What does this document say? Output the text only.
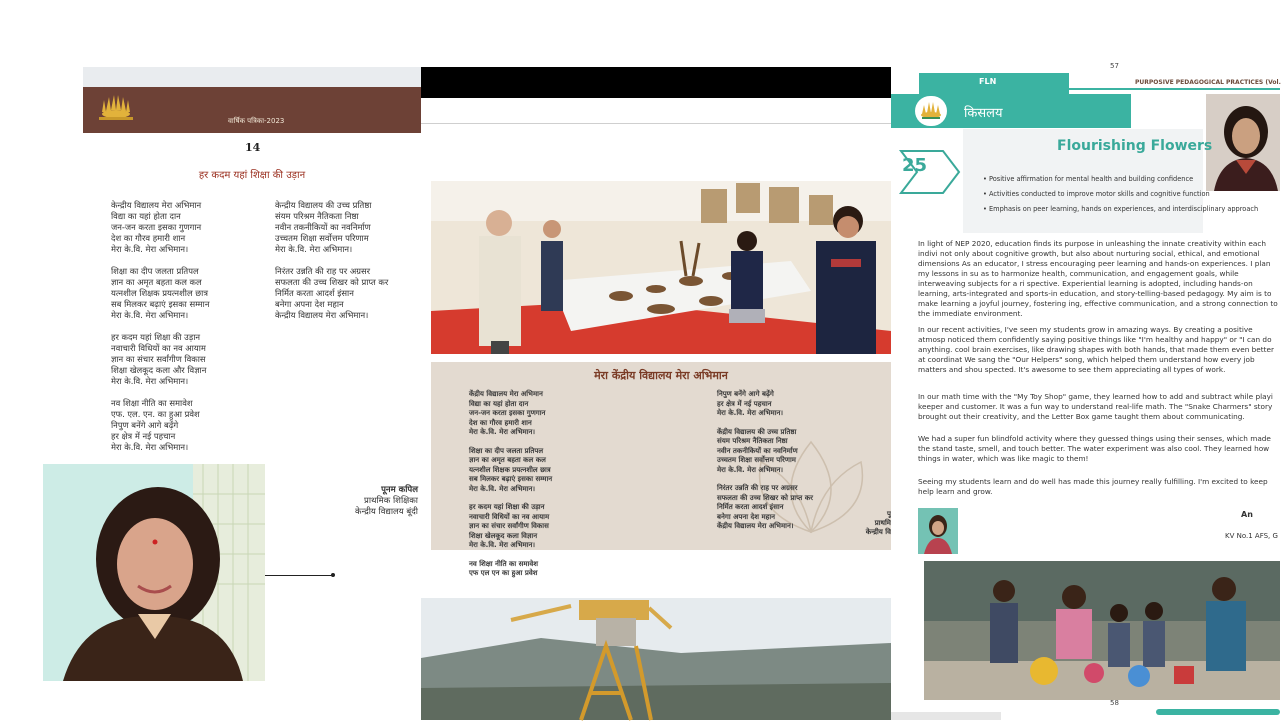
वार्षिक पत्रिका-2023
14
हर कदम यहां शिक्षा की उड़ान
केन्द्रीय विद्यालय मेरा अभिमान
विद्या का यहां होता दान
जन-जन करता इसका गुणगान
देश का गौरव हमारी शान
मेरा के.वि. मेरा अभिमान।
शिक्षा का दीप जलता प्रतिपल
ज्ञान का अमृत बहता कल कल
यत्नशील शिक्षक प्रयत्नशील छात्र
सब मिलकर बढ़ाएं इसका सम्मान
मेरा के.वि. मेरा अभिमान।
हर कदम यहां शिक्षा की उड़ान
नवाचारी विधियों का नव आयाम
ज्ञान का संचार सर्वांगीण विकास
शिक्षा खेलकूद कला और विज्ञान
मेरा के.वि. मेरा अभिमान।
नव शिक्षा नीति का समावेश
एफ. एल. एन. का हुआ प्रवेश
निपुण बनेंगे आगे बढ़ेंगे
हर क्षेत्र में नई पहचान
मेरा के.वि. मेरा अभिमान।
केन्द्रीय विद्यालय की उच्च प्रतिष्ठा
संयम परिश्रम नैतिकता निष्ठा
नवीन तकनीकियों का नवनिर्माण
उच्चतम शिक्षा सर्वोत्तम परिणाम
मेरा के.वि. मेरा अभिमान।
निरंतर उन्नति की राह पर अग्रसर
सफलता की उच्च शिखर को प्राप्त कर
निर्मित करता आदर्श इंसान
बनेगा अपना देश महान
केन्द्रीय विद्यालय मेरा अभिमान।
पूनम कपिल
प्राथमिक शिक्षिका
केन्द्रीय विद्यालय बूंदी
मेरा केंद्रीय विद्यालय मेरा अभिमान
केंद्रीय विद्यालय मेरा अभिमान
विद्या का यहां होता दान
जन-जन करता इसका गुणगान
देश का गौरव हमारी शान
मेरा के.वि. मेरा अभिमान।
शिक्षा का दीप जलता प्रतिपल
ज्ञान का अमृत बहता कल कल
यत्नशील शिक्षक प्रयत्नशील छात्र
सब मिलकर बढ़ाएं इसका सम्मान
मेरा के.वि. मेरा अभिमान।
हर कदम यहां शिक्षा की उड़ान
नवाचारी विधियों का नव आयाम
ज्ञान का संचार सर्वांगीण विकास
शिक्षा खेलकूद कला विज्ञान
मेरा के.वि. मेरा अभिमान।
नव शिक्षा नीति का समावेश
एफ एल एन का हुआ प्रवेश
निपुण बनेंगे आगे बढ़ेंगे
हर क्षेत्र में नई पहचान
मेरा के.वि. मेरा अभिमान।
केंद्रीय विद्यालय की उच्च प्रतिष्ठा
संयम परिश्रम नैतिकता निष्ठा
नवीन तकनीकियों का नवनिर्माण
उच्चतम शिक्षा सर्वोत्तम परिणाम
मेरा के.वि. मेरा अभिमान।
निरंतर उन्नति की राह पर अग्रसर
सफलता की उच्च शिखर को प्राप्त कर
निर्मित करता आदर्श इंसान
बनेगा अपना देश महान
केंद्रीय विद्यालय मेरा अभिमान।
पू
प्राथमि
केन्द्रीय वि
57
FLN	PURPOSIVE PEDAGOGICAL PRACTICES (Vol.
किसलय
25
Flourishing Flowers
• Positive affirmation for mental health and building confidence
• Activities conducted to improve motor skills and cognitive function
• Emphasis on peer learning, hands on experiences, and interdisciplinary approach
In light of NEP 2020, education finds its purpose in unleashing the innate creativity within each indivi not only about cognitive growth, but also about nurturing social, ethical, and emotional dimensions As an educator, I stress encouraging peer learning and hands-on experiences. I plan my lessons in su as to harmonize health, communication, and engagement goals, while interweaving subjects for a ri spective. Experiential learning is adopted, including hands-on learning, arts-integrated and sports-in education, and story-telling-based pedagogy. My aim is to make learning a joyful journey, fostering ing, effective communication, and a strong connection to the immediate environment.
In our recent activities, I've seen my students grow in amazing ways. By creating a positive atmosp noticed them confidently saying positive things like "I'm healthy and happy" or "I can do anything. cool brain exercises, like drawing shapes with both hands, that made them even better at coordinat We sang the "Our Helpers" song, which helped them understand how every job matters and shou spected. It's awesome to see them appreciating all types of work.
In our math time with the "My Toy Shop" game, they learned how to add and subtract while playi keeper and customer. It was a fun way to understand real-life math. The "Snake Charmers" story brought out their creativity, and the Letter Box game taught them about communicating.
We had a super fun blindfold activity where they guessed things using their senses, which made the stand taste, smell, and touch better. The water experiment was also cool. They learned how things in water, which was like magic to them!
Seeing my students learn and do well has made this journey really fulfilling. I'm excited to keep help learn and grow.
An
KV No.1 AFS, G
58
